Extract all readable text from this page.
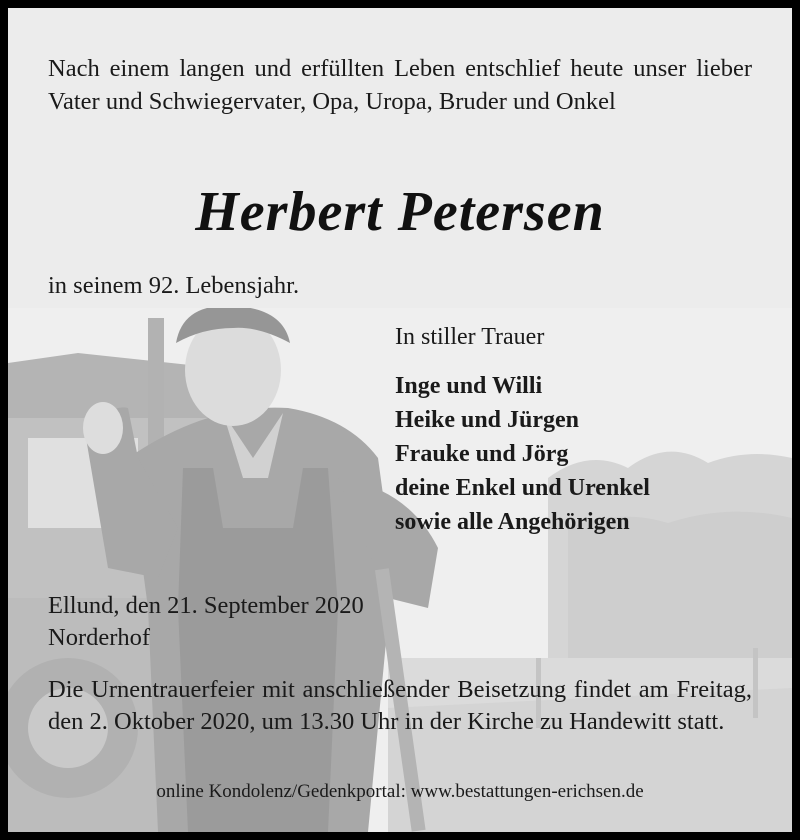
Nach einem langen und erfüllten Leben entschlief heute unser lieber Vater und Schwiegervater, Opa, Uropa, Bruder und Onkel
Herbert Petersen
in seinem 92. Lebensjahr.
In stiller Trauer
Inge und Willi
Heike und Jürgen
Frauke und Jörg
deine Enkel und Urenkel
sowie alle Angehörigen
Ellund, den 21. September 2020
Norderhof
Die Urnentrauerfeier mit anschließender Beisetzung findet am Freitag, den 2. Oktober 2020, um 13.30 Uhr in der Kirche zu Handewitt statt.
online Kondolenz/Gedenkportal: www.bestattungen-erichsen.de
